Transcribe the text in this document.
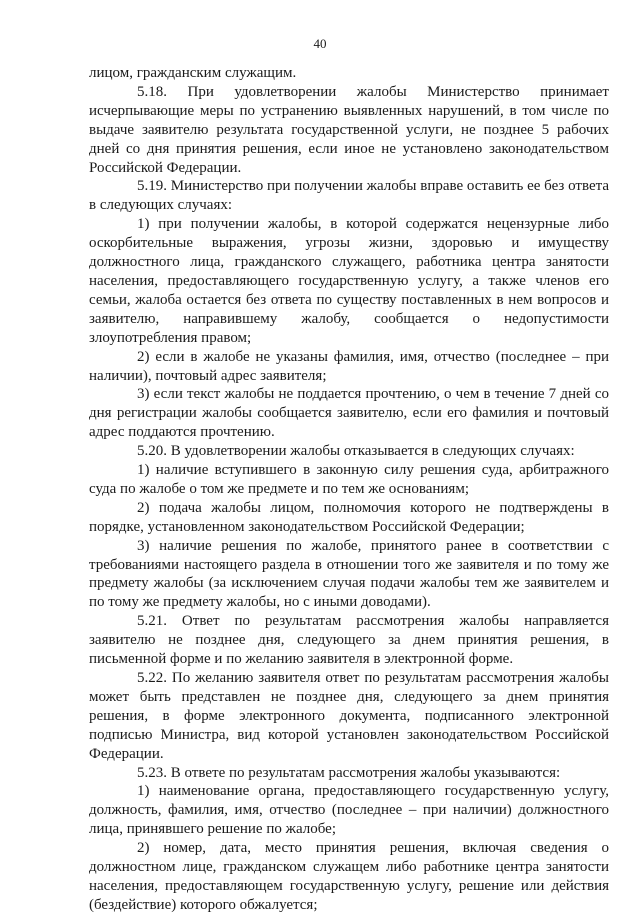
40

лицом, гражданским служащим.

5.18. При удовлетворении жалобы Министерство принимает исчерпывающие меры по устранению выявленных нарушений, в том числе по выдаче заявителю результата государственной услуги, не позднее 5 рабочих дней со дня принятия решения, если иное не установлено законодательством Российской Федерации.

5.19. Министерство при получении жалобы вправе оставить ее без ответа в следующих случаях:

1) при получении жалобы, в которой содержатся нецензурные либо оскорбительные выражения, угрозы жизни, здоровью и имуществу должностного лица, гражданского служащего, работника центра занятости населения, предоставляющего государственную услугу, а также членов его семьи, жалоба остается без ответа по существу поставленных в нем вопросов и заявителю, направившему жалобу, сообщается о недопустимости злоупотребления правом;

2) если в жалобе не указаны фамилия, имя, отчество (последнее – при наличии), почтовый адрес заявителя;

3) если текст жалобы не поддается прочтению, о чем в течение 7 дней со дня регистрации жалобы сообщается заявителю, если его фамилия и почтовый адрес поддаются прочтению.

5.20. В удовлетворении жалобы отказывается в следующих случаях:

1) наличие вступившего в законную силу решения суда, арбитражного суда по жалобе о том же предмете и по тем же основаниям;

2) подача жалобы лицом, полномочия которого не подтверждены в порядке, установленном законодательством Российской Федерации;

3) наличие решения по жалобе, принятого ранее в соответствии с требованиями настоящего раздела в отношении того же заявителя и по тому же предмету жалобы (за исключением случая подачи жалобы тем же заявителем и по тому же предмету жалобы, но с иными доводами).

5.21. Ответ по результатам рассмотрения жалобы направляется заявителю не позднее дня, следующего за днем принятия решения, в письменной форме и по желанию заявителя в электронной форме.

5.22. По желанию заявителя ответ по результатам рассмотрения жалобы может быть представлен не позднее дня, следующего за днем принятия решения, в форме электронного документа, подписанного электронной подписью Министра, вид которой установлен законодательством Российской Федерации.

5.23. В ответе по результатам рассмотрения жалобы указываются:

1) наименование органа, предоставляющего государственную услугу, должность, фамилия, имя, отчество (последнее – при наличии) должностного лица, принявшего решение по жалобе;

2) номер, дата, место принятия решения, включая сведения о должностном лице, гражданском служащем либо работнике центра занятости населения, предоставляющем государственную услугу, решение или действия (бездействие) которого обжалуется;
